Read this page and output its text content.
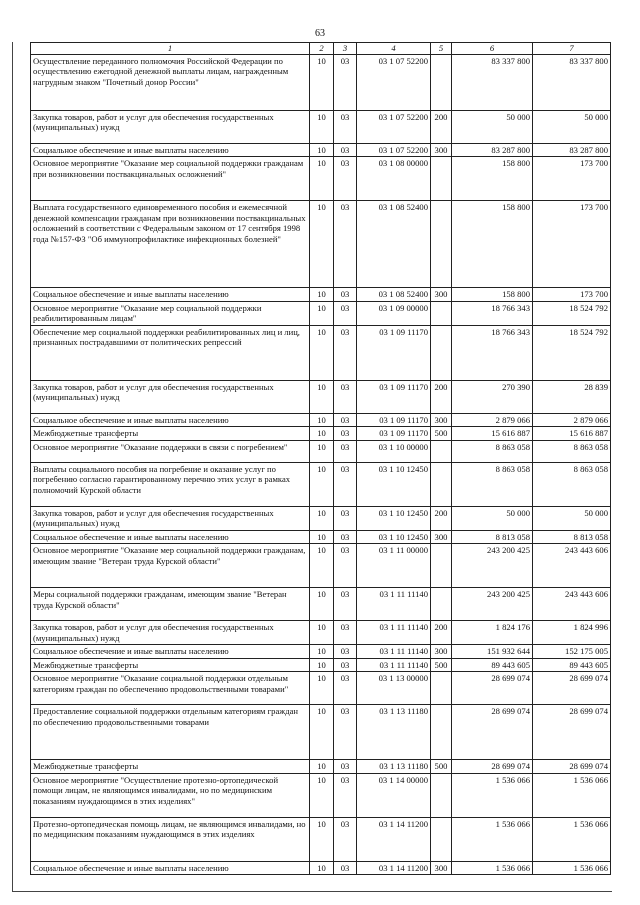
63
1	2	3	4	5	6	7
Осуществление переданного полномочия Российской Федерации по осуществлению ежегодной денежной выплаты лицам, награжденным нагрудным знаком "Почетный донор России"	10	03	03 1 07 52200		83 337 800	83 337 800
Закупка товаров, работ и услуг для обеспечения государственных (муниципальных) нужд	10	03	03 1 07 52200	200	50 000	50 000
Социальное обеспечение и иные выплаты населению	10	03	03 1 07 52200	300	83 287 800	83 287 800
Основное мероприятие "Оказание мер социальной поддержки гражданам при возникновении поствакцинальных осложнений"	10	03	03 1 08 00000		158 800	173 700
Выплата государственного единовременного пособия и ежемесячной денежной компенсации гражданам при возникновении поствакцинальных осложнений в соответствии с Федеральным законом от 17 сентября 1998 года №157-ФЗ "Об иммунопрофилактике инфекционных болезней"	10	03	03 1 08 52400		158 800	173 700
Социальное обеспечение и иные выплаты населению	10	03	03 1 08 52400	300	158 800	173 700
Основное мероприятие "Оказание мер социальной поддержки реабилитированным лицам"	10	03	03 1 09 00000		18 766 343	18 524 792
Обеспечение мер социальной поддержки реабилитированных лиц и лиц, признанных пострадавшими от политических репрессий	10	03	03 1 09 11170		18 766 343	18 524 792
Закупка товаров, работ и услуг для обеспечения государственных (муниципальных) нужд	10	03	03 1 09 11170	200	270 390	28 839
Социальное обеспечение и иные выплаты населению	10	03	03 1 09 11170	300	2 879 066	2 879 066
Межбюджетные трансферты	10	03	03 1 09 11170	500	15 616 887	15 616 887
Основное мероприятие "Оказание поддержки в связи с погребением"	10	03	03 1 10 00000		8 863 058	8 863 058
Выплаты социального пособия на погребение и оказание услуг по погребению согласно гарантированному перечню этих услуг в рамках полномочий Курской области	10	03	03 1 10 12450		8 863 058	8 863 058
Закупка товаров, работ и услуг для обеспечения государственных (муниципальных) нужд	10	03	03 1 10 12450	200	50 000	50 000
Социальное обеспечение и иные выплаты населению	10	03	03 1 10 12450	300	8 813 058	8 813 058
Основное мероприятие "Оказание мер социальной поддержки гражданам, имеющим звание "Ветеран труда Курской области"	10	03	03 1 11 00000		243 200 425	243 443 606
Меры социальной поддержки гражданам, имеющим звание "Ветеран труда Курской области"	10	03	03 1 11 11140		243 200 425	243 443 606
Закупка товаров, работ и услуг для обеспечения государственных (муниципальных) нужд	10	03	03 1 11 11140	200	1 824 176	1 824 996
Социальное обеспечение и иные выплаты населению	10	03	03 1 11 11140	300	151 932 644	152 175 005
Межбюджетные трансферты	10	03	03 1 11 11140	500	89 443 605	89 443 605
Основное мероприятие "Оказание социальной поддержки отдельным категориям граждан по обеспечению продовольственными товарами"	10	03	03 1 13 00000		28 699 074	28 699 074
Предоставление социальной поддержки отдельным категориям граждан по обеспечению продовольственными товарами	10	03	03 1 13 11180		28 699 074	28 699 074
Межбюджетные трансферты	10	03	03 1 13 11180	500	28 699 074	28 699 074
Основное мероприятие "Осуществление протезно-ортопедической помощи лицам, не являющимся инвалидами, но по медицинским показаниям нуждающимся в этих изделиях"	10	03	03 1 14 00000		1 536 066	1 536 066
Протезно-ортопедическая помощь лицам, не являющимся инвалидами, но по медицинским показаниям нуждающимся в этих изделиях	10	03	03 1 14 11200		1 536 066	1 536 066
Социальное обеспечение и иные выплаты населению	10	03	03 1 14 11200	300	1 536 066	1 536 066
